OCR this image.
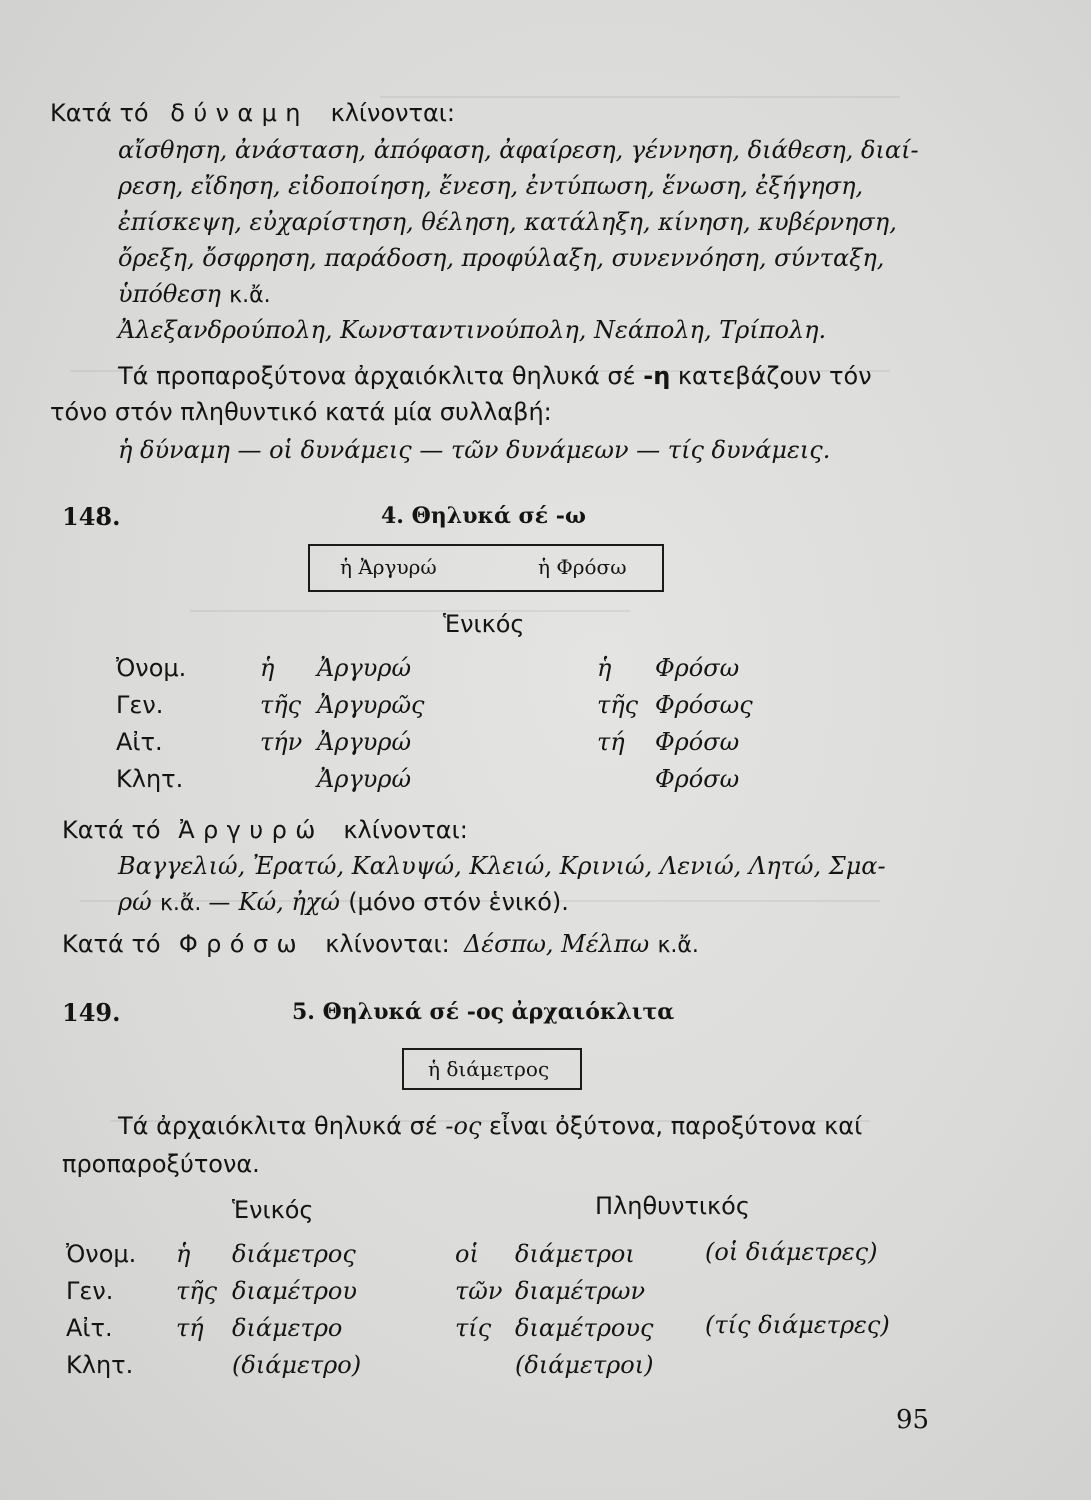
Κατά τό δύναμη κλίνονται:
αἴσθηση, ἀνάσταση, ἀπόφαση, ἀφαίρεση, γέννηση, διάθεση, διαί-
ρεση, εἴδηση, εἰδοποίηση, ἔνεση, ἐντύπωση, ἕνωση, ἐξήγηση,
ἐπίσκεψη, εὐχαρίστηση, θέληση, κατάληξη, κίνηση, κυβέρνηση,
ὄρεξη, ὄσφρηση, παράδοση, προφύλαξη, συνεννόηση, σύνταξη,
ὑπόθεση κ.ἄ.
Ἀλεξανδρούπολη, Κωνσταντινούπολη, Νεάπολη, Τρίπολη.
Τά προπαροξύτονα ἀρχαιόκλιτα θηλυκά σέ -η κατεβάζουν τόν
τόνο στόν πληθυντικό κατά μία συλλαβή:
ἡ δύναμη — οἱ δυνάμεις — τῶν δυνάμεων — τίς δυνάμεις.
148.	4. Θηλυκά σέ -ω
ἡ Ἀργυρώ	ἡ Φρόσω
Ἑνικός
Ὀνομ.	ἡ Ἀργυρώ	ἡ Φρόσω
Γεν.	τῆς Ἀργυρῶς	τῆς Φρόσως
Αἰτ.	τήν Ἀργυρώ	τή Φρόσω
Κλητ.	Ἀργυρώ	Φρόσω
Κατά τό Ἀργυρώ κλίνονται:
Βαγγελιώ, Ἐρατώ, Καλυψώ, Κλειώ, Κρινιώ, Λενιώ, Λητώ, Σμα-
ρώ κ.ἄ. — Κώ, ἠχώ (μόνο στόν ἑνικό).
Κατά τό Φρόσω κλίνονται: Δέσπω, Μέλπω κ.ἄ.
149.	5. Θηλυκά σέ -ος ἀρχαιόκλιτα
ἡ διάμετρος
Τά ἀρχαιόκλιτα θηλυκά σέ -ος εἶναι ὀξύτονα, παροξύτονα καί
προπαροξύτονα.
Ἑνικός	Πληθυντικός
Ὀνομ. ἡ διάμετρος	οἱ διάμετροι	(οἱ διάμετρες)
Γεν.	τῆς διαμέτρου	τῶν διαμέτρων
Αἰτ.	τή διάμετρο	τίς διαμέτρους (τίς διάμετρες)
Κλητ.	(διάμετρο)	(διάμετροι)
95
